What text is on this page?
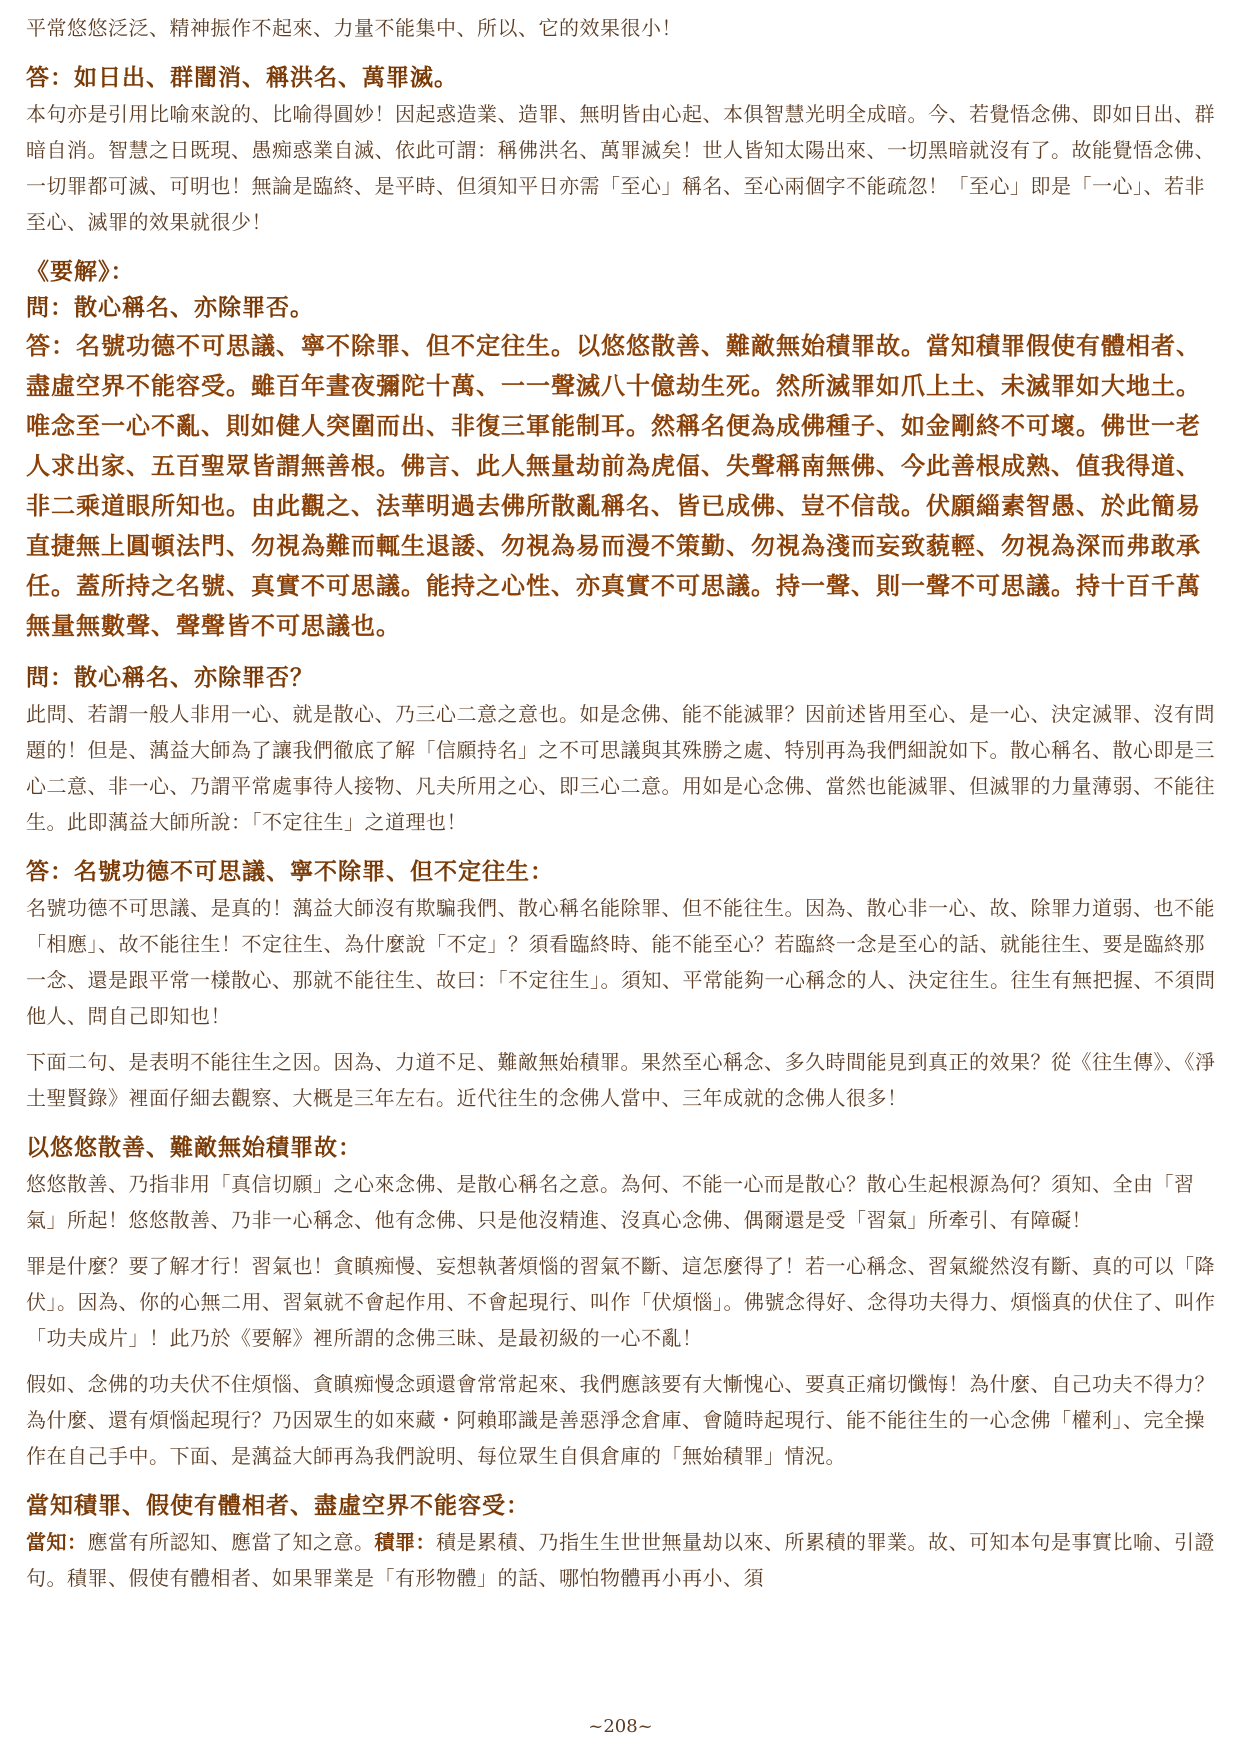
平常悠悠泛泛、精神振作不起來、力量不能集中、所以、它的效果很小！

答：如日出、群闇消、稱洪名、萬罪滅。

本句亦是引用比喻來說的、比喻得圓妙！因起惑造業、造罪、無明皆由心起、本俱智慧光明全成暗。今、若覺悟念佛、即如日出、群暗自消。智慧之日既現、愚痴惑業自滅、依此可謂：稱佛洪名、萬罪滅矣！世人皆知太陽出來、一切黑暗就沒有了。故能覺悟念佛、一切罪都可滅、可明也！無論是臨終、是平時、但須知平日亦需「至心」稱名、至心兩個字不能疏忽！「至心」即是「一心」、若非至心、滅罪的效果就很少！

《要解》：

問：散心稱名、亦除罪否。

答：名號功德不可思議、寧不除罪、但不定往生。以悠悠散善、難敵無始積罪故。當知積罪假使有體相者、盡虛空界不能容受。雖百年晝夜彌陀十萬、一一聲滅八十億劫生死。然所滅罪如爪上土、未滅罪如大地土。唯念至一心不亂、則如健人突圍而出、非復三軍能制耳。然稱名便為成佛種子、如金剛終不可壞。佛世一老人求出家、五百聖眾皆謂無善根。佛言、此人無量劫前為虎偪、失聲稱南無佛、今此善根成熟、值我得道、非二乘道眼所知也。由此觀之、法華明過去佛所散亂稱名、皆已成佛、豈不信哉。伏願緇素智愚、於此簡易直捷無上圓頓法門、勿視為難而輒生退諉、勿視為易而漫不策勤、勿視為淺而妄致藐輕、勿視為深而弗敢承任。蓋所持之名號、真實不可思議。能持之心性、亦真實不可思議。持一聲、則一聲不可思議。持十百千萬無量無數聲、聲聲皆不可思議也。

問：散心稱名、亦除罪否？

此問、若謂一般人非用一心、就是散心、乃三心二意之意也。如是念佛、能不能滅罪？因前述皆用至心、是一心、決定滅罪、沒有問題的！但是、蕅益大師為了讓我們徹底了解「信願持名」之不可思議與其殊勝之處、特別再為我們細說如下。散心稱名、散心即是三心二意、非一心、乃謂平常處事待人接物、凡夫所用之心、即三心二意。用如是心念佛、當然也能滅罪、但滅罪的力量薄弱、不能往生。此即蕅益大師所說：「不定往生」之道理也！

答：名號功德不可思議、寧不除罪、但不定往生：

名號功德不可思議、是真的！蕅益大師沒有欺騙我們、散心稱名能除罪、但不能往生。因為、散心非一心、故、除罪力道弱、也不能「相應」、故不能往生！不定往生、為什麼說「不定」？須看臨終時、能不能至心？若臨終一念是至心的話、就能往生、要是臨終那一念、還是跟平常一樣散心、那就不能往生、故曰：「不定往生」。須知、平常能夠一心稱念的人、決定往生。往生有無把握、不須問他人、問自己即知也！

下面二句、是表明不能往生之因。因為、力道不足、難敵無始積罪。果然至心稱念、多久時間能見到真正的效果？從《往生傳》、《淨土聖賢錄》裡面仔細去觀察、大概是三年左右。近代往生的念佛人當中、三年成就的念佛人很多！

以悠悠散善、難敵無始積罪故：

悠悠散善、乃指非用「真信切願」之心來念佛、是散心稱名之意。為何、不能一心而是散心？散心生起根源為何？須知、全由「習氣」所起！悠悠散善、乃非一心稱念、他有念佛、只是他沒精進、沒真心念佛、偶爾還是受「習氣」所牽引、有障礙！

罪是什麼？要了解才行！習氣也！貪瞋痴慢、妄想執著煩惱的習氣不斷、這怎麼得了！若一心稱念、習氣縱然沒有斷、真的可以「降伏」。因為、你的心無二用、習氣就不會起作用、不會起現行、叫作「伏煩惱」。佛號念得好、念得功夫得力、煩惱真的伏住了、叫作「功夫成片」！此乃於《要解》裡所謂的念佛三昧、是最初級的一心不亂！

假如、念佛的功夫伏不住煩惱、貪瞋痴慢念頭還會常常起來、我們應該要有大慚愧心、要真正痛切懺悔！為什麼、自己功夫不得力？為什麼、還有煩惱起現行？乃因眾生的如來藏・阿賴耶識是善惡淨念倉庫、會隨時起現行、能不能往生的一心念佛「權利」、完全操作在自己手中。下面、是蕅益大師再為我們說明、每位眾生自俱倉庫的「無始積罪」情況。

當知積罪、假使有體相者、盡虛空界不能容受：

當知：應當有所認知、應當了知之意。積罪：積是累積、乃指生生世世無量劫以來、所累積的罪業。故、可知本句是事實比喻、引證句。積罪、假使有體相者、如果罪業是「有形物體」的話、哪怕物體再小再小、須

~208~
